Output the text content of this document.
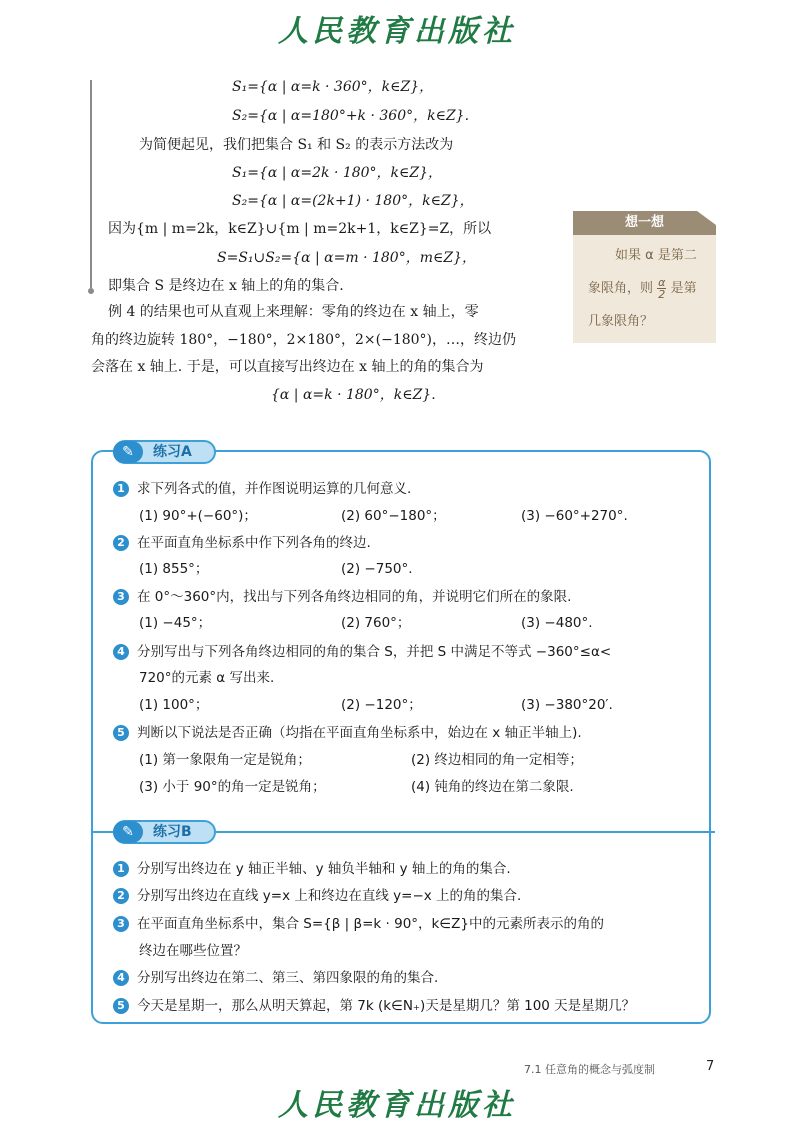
人民教育出版社
S₁={α | α=k · 360°，k∈Z}，
S₂={α | α=180°+k · 360°，k∈Z}.
为简便起见，我们把集合 S₁ 和 S₂ 的表示方法改为
S₁={α | α=2k · 180°，k∈Z}，
S₂={α | α=(2k+1) · 180°，k∈Z}，
因为{m | m=2k，k∈Z}∪{m | m=2k+1，k∈Z}=Z，所以
S=S₁∪S₂={α | α=m · 180°，m∈Z}，
即集合 S 是终边在 x 轴上的角的集合.
例 4 的结果也可从直观上来理解：零角的终边在 x 轴上，零
角的终边旋转 180°，−180°，2×180°，2×(−180°)，…，终边仍
会落在 x 轴上. 于是，可以直接写出终边在 x 轴上的角的集合为
{α | α=k · 180°，k∈Z}.
想一想
如果 α 是第二
象限角，则 $\frac{\alpha}{2}$ 是第
几象限角？
练习A
✎
1 求下列各式的值，并作图说明运算的几何意义.
(1) 90°+(−60°)；	(2) 60°−180°；	(3) −60°+270°.
2 在平面直角坐标系中作下列各角的终边.
(1) 855°；	(2) −750°.
3 在 0°～360°内，找出与下列各角终边相同的角，并说明它们所在的象限.
(1) −45°；	(2) 760°；	(3) −480°.
4 分别写出与下列各角终边相同的角的集合 S，并把 S 中满足不等式 −360°≤α<
720°的元素 α 写出来.
(1) 100°；	(2) −120°；	(3) −380°20′.
5 判断以下说法是否正确（均指在平面直角坐标系中，始边在 x 轴正半轴上).
(1) 第一象限角一定是锐角；	(2) 终边相同的角一定相等；
(3) 小于 90°的角一定是锐角；	(4) 钝角的终边在第二象限.
练习B
✎
1 分别写出终边在 y 轴正半轴、y 轴负半轴和 y 轴上的角的集合.
2 分别写出终边在直线 y=x 上和终边在直线 y=−x 上的角的集合.
3 在平面直角坐标系中，集合 S={β | β=k · 90°，k∈Z}中的元素所表示的角的
终边在哪些位置？
4 分别写出终边在第二、第三、第四象限的角的集合.
5 今天是星期一，那么从明天算起，第 7k (k∈N₊)天是星期几？第 100 天是星期几？
7.1 任意角的概念与弧度制	7
人民教育出版社
